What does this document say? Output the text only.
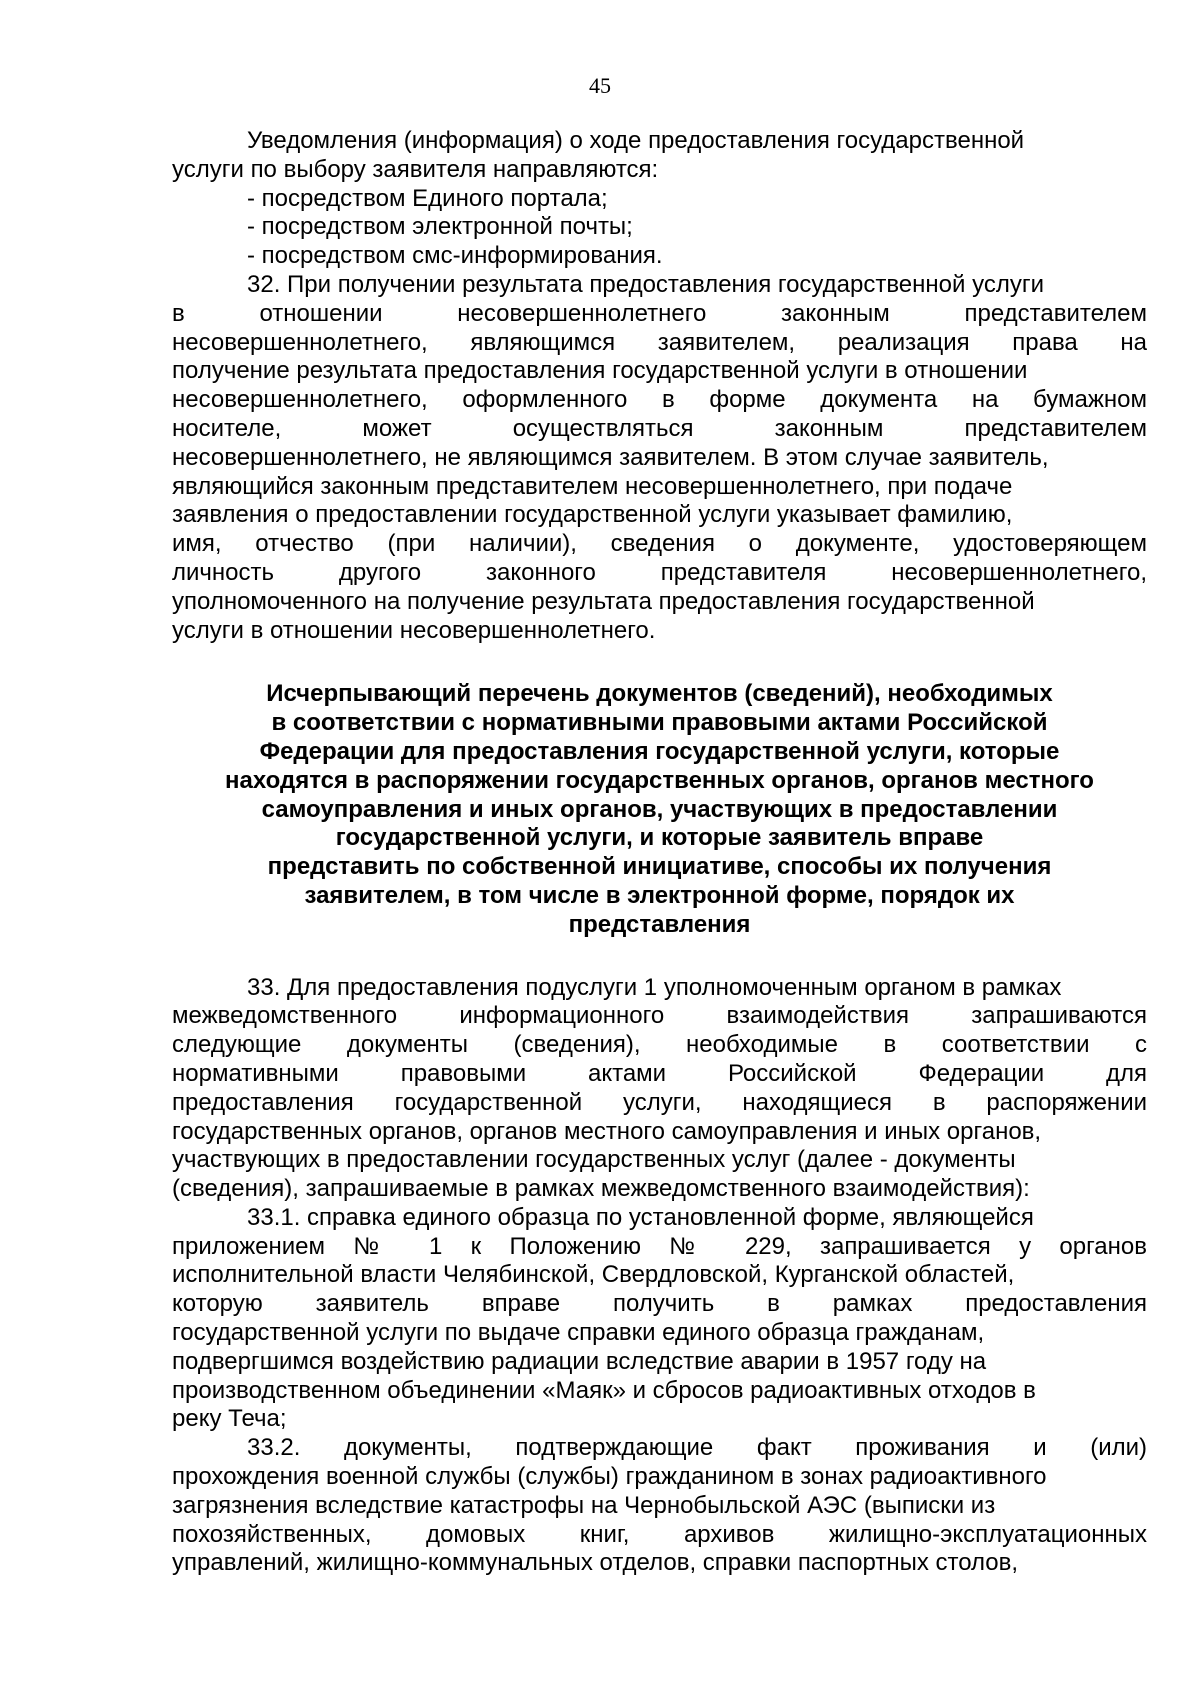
45
Уведомления (информация) о ходе предоставления государственной
услуги по выбору заявителя направляются:
- посредством Единого портала;
- посредством электронной почты;
- посредством смс-информирования.
32. При получении результата предоставления государственной услуги
в отношении несовершеннолетнего законным представителем
несовершеннолетнего, являющимся заявителем, реализация права на
получение результата предоставления государственной услуги в отношении
несовершеннолетнего, оформленного в форме документа на бумажном
носителе, может осуществляться законным представителем
несовершеннолетнего, не являющимся заявителем. В этом случае заявитель,
являющийся законным представителем несовершеннолетнего, при подаче
заявления о предоставлении государственной услуги указывает фамилию,
имя, отчество (при наличии), сведения о документе, удостоверяющем
личность другого законного представителя несовершеннолетнего,
уполномоченного на получение результата предоставления государственной
услуги в отношении несовершеннолетнего.
Исчерпывающий перечень документов (сведений), необходимых
в соответствии с нормативными правовыми актами Российской
Федерации для предоставления государственной услуги, которые
находятся в распоряжении государственных органов, органов местного
самоуправления и иных органов, участвующих в предоставлении
государственной услуги, и которые заявитель вправе
представить по собственной инициативе, способы их получения
заявителем, в том числе в электронной форме, порядок их
представления
33. Для предоставления подуслуги 1 уполномоченным органом в рамках
межведомственного информационного взаимодействия запрашиваются
следующие документы (сведения), необходимые в соответствии с
нормативными правовыми актами Российской Федерации для
предоставления государственной услуги, находящиеся в распоряжении
государственных органов, органов местного самоуправления и иных органов,
участвующих в предоставлении государственных услуг (далее - документы
(сведения), запрашиваемые в рамках межведомственного взаимодействия):
33.1. справка единого образца по установленной форме, являющейся
приложением № 1 к Положению № 229, запрашивается у органов
исполнительной власти Челябинской, Свердловской, Курганской областей,
которую заявитель вправе получить в рамках предоставления
государственной услуги по выдаче справки единого образца гражданам,
подвергшимся воздействию радиации вследствие аварии в 1957 году на
производственном объединении «Маяк» и сбросов радиоактивных отходов в
реку Теча;
33.2. документы, подтверждающие факт проживания и (или)
прохождения военной службы (службы) гражданином в зонах радиоактивного
загрязнения вследствие катастрофы на Чернобыльской АЭС (выписки из
похозяйственных, домовых книг, архивов жилищно-эксплуатационных
управлений, жилищно-коммунальных отделов, справки паспортных столов,
